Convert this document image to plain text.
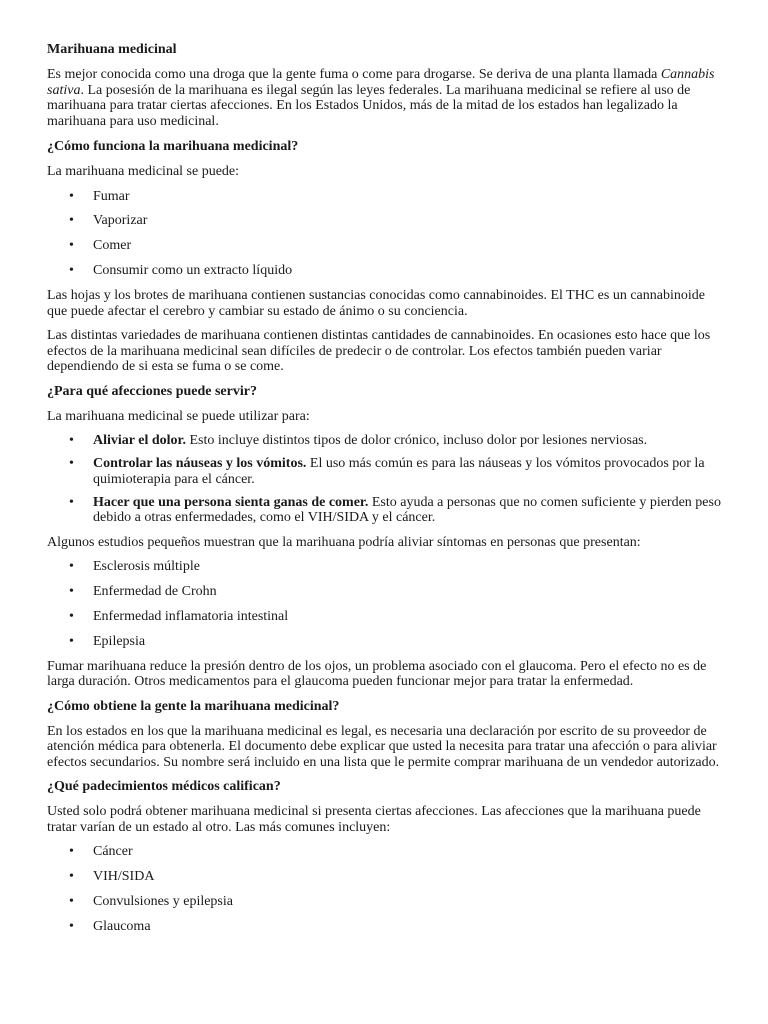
Marihuana medicinal

Es mejor conocida como una droga que la gente fuma o come para drogarse. Se deriva de una planta llamada Cannabis sativa. La posesión de la marihuana es ilegal según las leyes federales. La marihuana medicinal se refiere al uso de marihuana para tratar ciertas afecciones. En los Estados Unidos, más de la mitad de los estados han legalizado la marihuana para uso medicinal.

¿Cómo funciona la marihuana medicinal?

La marihuana medicinal se puede:

• Fumar
• Vaporizar
• Comer
• Consumir como un extracto líquido

Las hojas y los brotes de marihuana contienen sustancias conocidas como cannabinoides. El THC es un cannabinoide que puede afectar el cerebro y cambiar su estado de ánimo o su conciencia.

Las distintas variedades de marihuana contienen distintas cantidades de cannabinoides. En ocasiones esto hace que los efectos de la marihuana medicinal sean difíciles de predecir o de controlar. Los efectos también pueden variar dependiendo de si esta se fuma o se come.

¿Para qué afecciones puede servir?

La marihuana medicinal se puede utilizar para:

• Aliviar el dolor. Esto incluye distintos tipos de dolor crónico, incluso dolor por lesiones nerviosas.
• Controlar las náuseas y los vómitos. El uso más común es para las náuseas y los vómitos provocados por la quimioterapia para el cáncer.
• Hacer que una persona sienta ganas de comer. Esto ayuda a personas que no comen suficiente y pierden peso debido a otras enfermedades, como el VIH/SIDA y el cáncer.

Algunos estudios pequeños muestran que la marihuana podría aliviar síntomas en personas que presentan:

• Esclerosis múltiple
• Enfermedad de Crohn
• Enfermedad inflamatoria intestinal
• Epilepsia

Fumar marihuana reduce la presión dentro de los ojos, un problema asociado con el glaucoma. Pero el efecto no es de larga duración. Otros medicamentos para el glaucoma pueden funcionar mejor para tratar la enfermedad.

¿Cómo obtiene la gente la marihuana medicinal?

En los estados en los que la marihuana medicinal es legal, es necesaria una declaración por escrito de su proveedor de atención médica para obtenerla. El documento debe explicar que usted la necesita para tratar una afección o para aliviar efectos secundarios. Su nombre será incluido en una lista que le permite comprar marihuana de un vendedor autorizado.

¿Qué padecimientos médicos califican?

Usted solo podrá obtener marihuana medicinal si presenta ciertas afecciones. Las afecciones que la marihuana puede tratar varían de un estado al otro. Las más comunes incluyen:

• Cáncer
• VIH/SIDA
• Convulsiones y epilepsia
• Glaucoma
